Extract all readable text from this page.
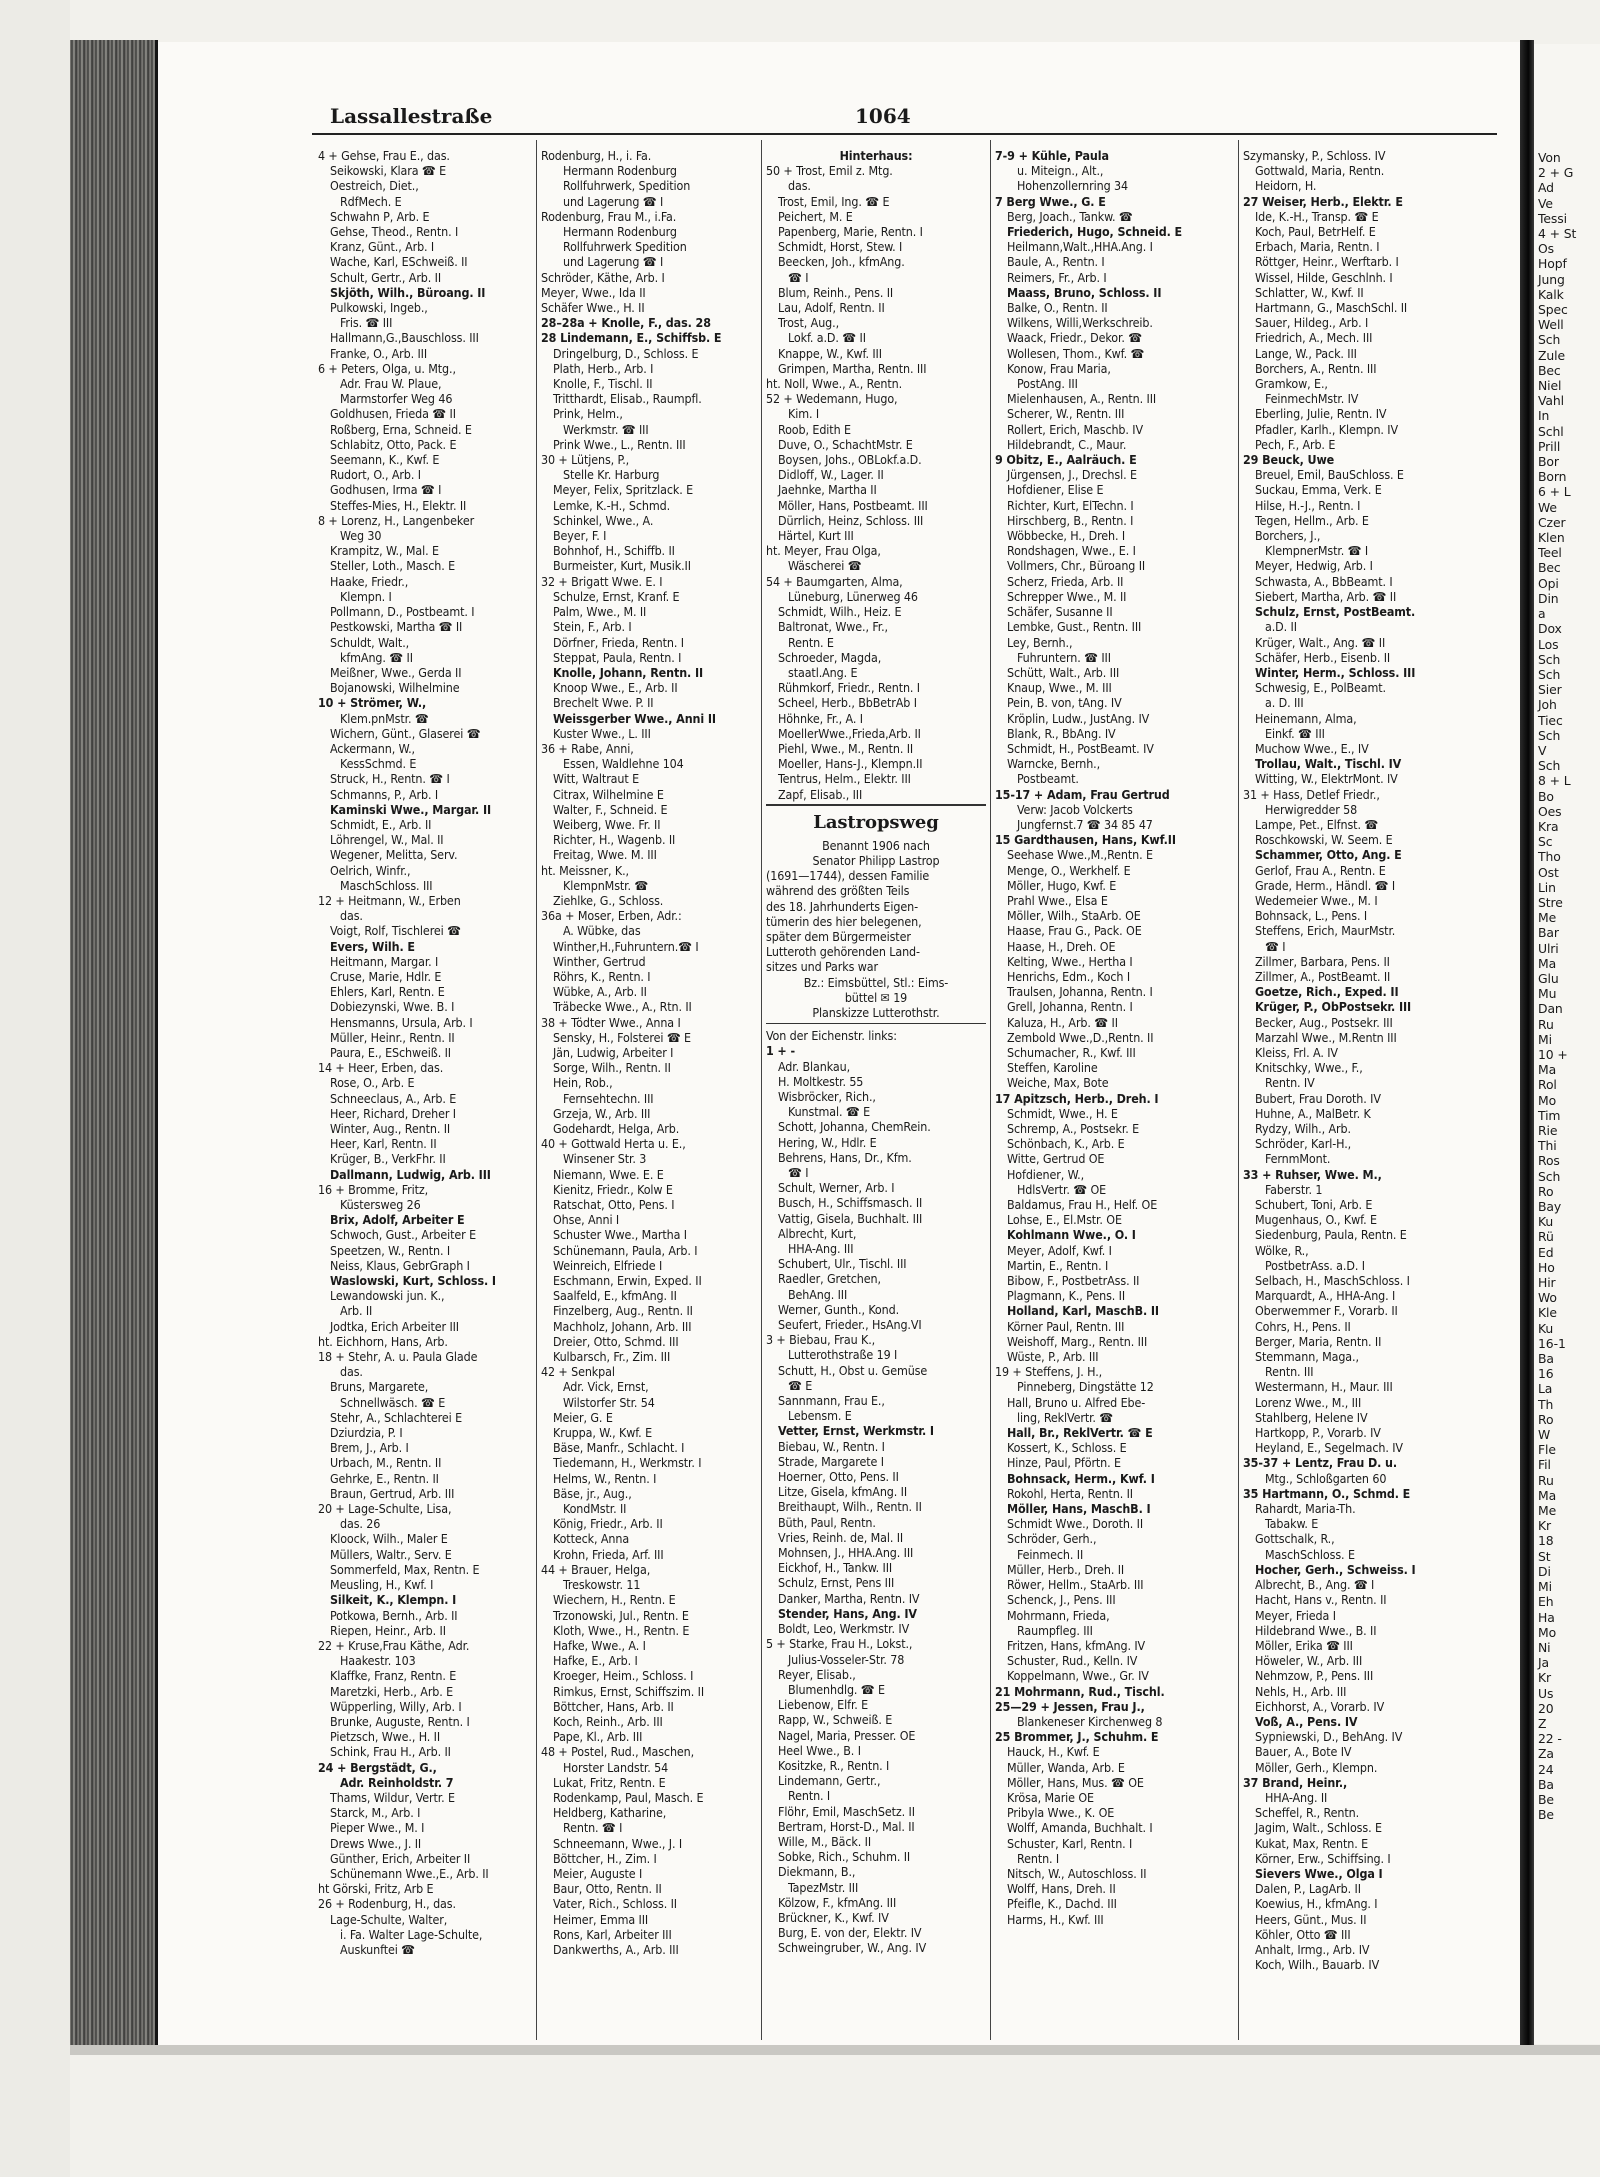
Lassallestraße	1064
4 + Gehse, Frau E., das.
Seikowski, Klara ☎ E
Oestreich, Diet.,
RdfMech. E
Schwahn P, Arb. E
Gehse, Theod., Rentn. I
Kranz, Günt., Arb. I
Wache, Karl, ESchweiß. II
Schult, Gertr., Arb. II
Skjöth, Wilh., Büroang. II
Pulkowski, Ingeb.,
Fris. ☎ III
Hallmann,G.,Bauschloss. III
Franke, O., Arb. III
6 + Peters, Olga, u. Mtg.,
Adr. Frau W. Plaue,
Marmstorfer Weg 46
Goldhusen, Frieda ☎ II
Roßberg, Erna, Schneid. E
Schlabitz, Otto, Pack. E
Seemann, K., Kwf. E
Rudort, O., Arb. I
Godhusen, Irma ☎ I
Steffes-Mies, H., Elektr. II
8 + Lorenz, H., Langenbeker
Weg 30
Krampitz, W., Mal. E
Steller, Loth., Masch. E
Haake, Friedr.,
Klempn. I
Pollmann, D., Postbeamt. I
Pestkowski, Martha ☎ II
Schuldt, Walt.,
kfmAng. ☎ II
Meißner, Wwe., Gerda II
Bojanowski, Wilhelmine
10 + Strömer, W.,
Klem.pnMstr. ☎
Wichern, Günt., Glaserei ☎
Ackermann, W.,
KessSchmd. E
Struck, H., Rentn. ☎ I
Schmanns, P., Arb. I
Kaminski Wwe., Margar. II
Schmidt, E., Arb. II
Löhrengel, W., Mal. II
Wegener, Melitta, Serv.
Oelrich, Winfr.,
MaschSchloss. III
12 + Heitmann, W., Erben
das.
Voigt, Rolf, Tischlerei ☎
Evers, Wilh. E
Heitmann, Margar. I
Cruse, Marie, Hdlr. E
Ehlers, Karl, Rentn. E
Dobiezynski, Wwe. B. I
Hensmanns, Ursula, Arb. I
Müller, Heinr., Rentn. II
Paura, E., ESchweiß. II
14 + Heer, Erben, das.
Rose, O., Arb. E
Schneeclaus, A., Arb. E
Heer, Richard, Dreher I
Winter, Aug., Rentn. II
Heer, Karl, Rentn. II
Krüger, B., VerkFhr. II
Dallmann, Ludwig, Arb. III
16 + Bromme, Fritz,
Küstersweg 26
Brix, Adolf, Arbeiter E
Schwoch, Gust., Arbeiter E
Speetzen, W., Rentn. I
Neiss, Klaus, GebrGraph I
Waslowski, Kurt, Schloss. I
Lewandowski jun. K.,
Arb. II
Jodtka, Erich Arbeiter III
ht. Eichhorn, Hans, Arb.
18 + Stehr, A. u. Paula Glade
das.
Bruns, Margarete,
Schnellwäsch. ☎ E
Stehr, A., Schlachterei E
Dziurdzia, P. I
Brem, J., Arb. I
Urbach, M., Rentn. II
Gehrke, E., Rentn. II
Braun, Gertrud, Arb. III
20 + Lage-Schulte, Lisa,
das. 26
Kloock, Wilh., Maler E
Müllers, Waltr., Serv. E
Sommerfeld, Max, Rentn. E
Meusling, H., Kwf. I
Silkeit, K., Klempn. I
Potkowa, Bernh., Arb. II
Riepen, Heinr., Arb. II
22 + Kruse,Frau Käthe, Adr.
Haakestr. 103
Klaffke, Franz, Rentn. E
Maretzki, Herb., Arb. E
Wüpperling, Willy, Arb. I
Brunke, Auguste, Rentn. I
Pietzsch, Wwe., H. II
Schink, Frau H., Arb. II
24 + Bergstädt, G.,
Adr. Reinholdstr. 7
Thams, Wildur, Vertr. E
Starck, M., Arb. I
Pieper Wwe., M. I
Drews Wwe., J. II
Günther, Erich, Arbeiter II
Schünemann Wwe.,E., Arb. II
ht Görski, Fritz, Arb E
26 + Rodenburg, H., das.
Lage-Schulte, Walter,
i. Fa. Walter Lage-Schulte,
Auskunftei ☎
Rodenburg, H., i. Fa.
Hermann Rodenburg
Rollfuhrwerk, Spedition
und Lagerung ☎ I
Rodenburg, Frau M., i.Fa.
Hermann Rodenburg
Rollfuhrwerk Spedition
und Lagerung ☎ I
Schröder, Käthe, Arb. I
Meyer, Wwe., Ida II
Schäfer Wwe., H. II
28–28a + Knolle, F., das. 28
28 Lindemann, E., Schiffsb. E
Dringelburg, D., Schloss. E
Plath, Herb., Arb. I
Knolle, F., Tischl. II
Tritthardt, Elisab., Raumpfl.
Prink, Helm.,
Werkmstr. ☎ III
Prink Wwe., L., Rentn. III
30 + Lütjens, P.,
Stelle Kr. Harburg
Meyer, Felix, Spritzlack. E
Lemke, K.-H., Schmd.
Schinkel, Wwe., A.
Beyer, F. I
Bohnhof, H., Schiffb. II
Burmeister, Kurt, Musik.II
32 + Brigatt Wwe. E. I
Schulze, Ernst, Kranf. E
Palm, Wwe., M. II
Stein, F., Arb. I
Dörfner, Frieda, Rentn. I
Steppat, Paula, Rentn. I
Knolle, Johann, Rentn. II
Knoop Wwe., E., Arb. II
Brechelt Wwe. P. II
Weissgerber Wwe., Anni II
Kuster Wwe., L. III
36 + Rabe, Anni,
Essen, Waldlehne 104
Witt, Waltraut E
Citrax, Wilhelmine E
Walter, F., Schneid. E
Weiberg, Wwe. Fr. II
Richter, H., Wagenb. II
Freitag, Wwe. M. III
ht. Meissner, K.,
KlempnMstr. ☎
Ziehlke, G., Schloss.
36a + Moser, Erben, Adr.:
A. Wübke, das
Winther,H.,Fuhruntern.☎ I
Winther, Gertrud
Röhrs, K., Rentn. I
Wübke, A., Arb. II
Träbecke Wwe., A., Rtn. II
38 + Tödter Wwe., Anna I
Sensky, H., Folsterei ☎ E
Jän, Ludwig, Arbeiter I
Sorge, Wilh., Rentn. II
Hein, Rob.,
Fernsehtechn. III
Grzeja, W., Arb. III
Godehardt, Helga, Arb.
40 + Gottwald Herta u. E.,
Winsener Str. 3
Niemann, Wwe. E. E
Kienitz, Friedr., Kolw E
Ratschat, Otto, Pens. I
Ohse, Anni I
Schuster Wwe., Martha I
Schünemann, Paula, Arb. I
Weinreich, Elfriede I
Eschmann, Erwin, Exped. II
Saalfeld, E., kfmAng. II
Finzelberg, Aug., Rentn. II
Machholz, Johann, Arb. III
Dreier, Otto, Schmd. III
Kulbarsch, Fr., Zim. III
42 + Senkpal
Adr. Vick, Ernst,
Wilstorfer Str. 54
Meier, G. E
Kruppa, W., Kwf. E
Bäse, Manfr., Schlacht. I
Tiedemann, H., Werkmstr. I
Helms, W., Rentn. I
Bäse, jr., Aug.,
KondMstr. II
König, Friedr., Arb. II
Kotteck, Anna
Krohn, Frieda, Arf. III
44 + Brauer, Helga,
Treskowstr. 11
Wiechern, H., Rentn. E
Trzonowski, Jul., Rentn. E
Kloth, Wwe., H., Rentn. E
Hafke, Wwe., A. I
Hafke, E., Arb. I
Kroeger, Heim., Schloss. I
Rimkus, Ernst, Schiffszim. II
Böttcher, Hans, Arb. II
Koch, Reinh., Arb. III
Pape, Kl., Arb. III
48 + Postel, Rud., Maschen,
Horster Landstr. 54
Lukat, Fritz, Rentn. E
Rodenkamp, Paul, Masch. E
Heldberg, Katharine,
Rentn. ☎ I
Schneemann, Wwe., J. I
Böttcher, H., Zim. I
Meier, Auguste I
Baur, Otto, Rentn. II
Vater, Rich., Schloss. II
Heimer, Emma III
Rons, Karl, Arbeiter III
Dankwerths, A., Arb. III
Hinterhaus:
50 + Trost, Emil z. Mtg.
das.
Trost, Emil, Ing. ☎ E
Peichert, M. E
Papenberg, Marie, Rentn. I
Schmidt, Horst, Stew. I
Beecken, Joh., kfmAng.
☎ I
Blum, Reinh., Pens. II
Lau, Adolf, Rentn. II
Trost, Aug.,
Lokf. a.D. ☎ II
Knappe, W., Kwf. III
Grimpen, Martha, Rentn. III
ht. Noll, Wwe., A., Rentn.
52 + Wedemann, Hugo,
Kim. I
Roob, Edith E
Duve, O., SchachtMstr. E
Boysen, Johs., OBLokf.a.D.
Didloff, W., Lager. II
Jaehnke, Martha II
Möller, Hans, Postbeamt. III
Dürrlich, Heinz, Schloss. III
Härtel, Kurt III
ht. Meyer, Frau Olga,
Wäscherei ☎
54 + Baumgarten, Alma,
Lüneburg, Lünerweg 46
Schmidt, Wilh., Heiz. E
Baltronat, Wwe., Fr.,
Rentn. E
Schroeder, Magda,
staatl.Ang. E
Rühmkorf, Friedr., Rentn. I
Scheel, Herb., BbBetrAb I
Höhnke, Fr., A. I
MoellerWwe.,Frieda,Arb. II
Piehl, Wwe., M., Rentn. II
Moeller, Hans-J., Klempn.II
Tentrus, Helm., Elektr. III
Zapf, Elisab., III
Lastropsweg
Benannt 1906 nach
Senator Philipp Lastrop
(1691—1744), dessen Familie
während des größten Teils
des 18. Jahrhunderts Eigen-
tümerin des hier belegenen,
später dem Bürgermeister
Lutteroth gehörenden Land-
sitzes und Parks war
Bz.: Eimsbüttel, Stl.: Eims-
büttel ✉ 19
Planskizze Lutterothstr.
Von der Eichenstr. links:
1 + -
Adr. Blankau,
H. Moltkestr. 55
Wisbröcker, Rich.,
Kunstmal. ☎ E
Schott, Johanna, ChemRein.
Hering, W., Hdlr. E
Behrens, Hans, Dr., Kfm.
☎ I
Schult, Werner, Arb. I
Busch, H., Schiffsmasch. II
Vattig, Gisela, Buchhalt. III
Albrecht, Kurt,
HHA-Ang. III
Schubert, Ulr., Tischl. III
Raedler, Gretchen,
BehAng. III
Werner, Gunth., Kond.
Seufert, Frieder., HsAng.VI
3 + Biebau, Frau K.,
Lutterothstraße 19 I
Schutt, H., Obst u. Gemüse
☎ E
Sannmann, Frau E.,
Lebensm. E
Vetter, Ernst, Werkmstr. I
Biebau, W., Rentn. I
Strade, Margarete I
Hoerner, Otto, Pens. II
Litze, Gisela, kfmAng. II
Breithaupt, Wilh., Rentn. II
Büth, Paul, Rentn.
Vries, Reinh. de, Mal. II
Mohnsen, J., HHA.Ang. III
Eickhof, H., Tankw. III
Schulz, Ernst, Pens III
Danker, Martha, Rentn. IV
Stender, Hans, Ang. IV
Boldt, Leo, Werkmstr. IV
5 + Starke, Frau H., Lokst.,
Julius-Vosseler-Str. 78
Reyer, Elisab.,
Blumenhdlg. ☎ E
Liebenow, Elfr. E
Rapp, W., Schweiß. E
Nagel, Maria, Presser. OE
Heel Wwe., B. I
Kositzke, R., Rentn. I
Lindemann, Gertr.,
Rentn. I
Flöhr, Emil, MaschSetz. II
Bertram, Horst-D., Mal. II
Wille, M., Bäck. II
Sobke, Rich., Schuhm. II
Diekmann, B.,
TapezMstr. III
Kölzow, F., kfmAng. III
Brückner, K., Kwf. IV
Burg, E. von der, Elektr. IV
Schweingruber, W., Ang. IV
7-9 + Kühle, Paula
u. Miteign., Alt.,
Hohenzollernring 34
7 Berg Wwe., G. E
Berg, Joach., Tankw. ☎
Friederich, Hugo, Schneid. E
Heilmann,Walt.,HHA.Ang. I
Baule, A., Rentn. I
Reimers, Fr., Arb. I
Maass, Bruno, Schloss. II
Balke, O., Rentn. II
Wilkens, Willi,Werkschreib.
Waack, Friedr., Dekor. ☎
Wollesen, Thom., Kwf. ☎
Konow, Frau Maria,
PostAng. III
Mielenhausen, A., Rentn. III
Scherer, W., Rentn. III
Rollert, Erich, Maschb. IV
Hildebrandt, C., Maur.
9 Obitz, E., Aalräuch. E
Jürgensen, J., Drechsl. E
Hofdiener, Elise E
Richter, Kurt, ElTechn. I
Hirschberg, B., Rentn. I
Wöbbecke, H., Dreh. I
Rondshagen, Wwe., E. I
Vollmers, Chr., Büroang II
Scherz, Frieda, Arb. II
Schrepper Wwe., M. II
Schäfer, Susanne II
Lembke, Gust., Rentn. III
Ley, Bernh.,
Fuhruntern. ☎ III
Schütt, Walt., Arb. III
Knaup, Wwe., M. III
Pein, B. von, tAng. IV
Kröplin, Ludw., JustAng. IV
Blank, R., BbAng. IV
Schmidt, H., PostBeamt. IV
Warncke, Bernh.,
Postbeamt.
15-17 + Adam, Frau Gertrud
Verw: Jacob Volckerts
Jungfernst.7 ☎ 34 85 47
15 Gardthausen, Hans, Kwf.II
Seehase Wwe.,M.,Rentn. E
Menge, O., Werkhelf. E
Möller, Hugo, Kwf. E
Prahl Wwe., Elsa E
Möller, Wilh., StaArb. OE
Haase, Frau G., Pack. OE
Haase, H., Dreh. OE
Kelting, Wwe., Hertha I
Henrichs, Edm., Koch I
Traulsen, Johanna, Rentn. I
Grell, Johanna, Rentn. I
Kaluza, H., Arb. ☎ II
Zembold Wwe.,D.,Rentn. II
Schumacher, R., Kwf. III
Steffen, Karoline
Weiche, Max, Bote
17 Apitzsch, Herb., Dreh. I
Schmidt, Wwe., H. E
Schremp, A., Postsekr. E
Schönbach, K., Arb. E
Witte, Gertrud OE
Hofdiener, W.,
HdlsVertr. ☎ OE
Baldamus, Frau H., Helf. OE
Lohse, E., El.Mstr. OE
Kohlmann Wwe., O. I
Meyer, Adolf, Kwf. I
Martin, E., Rentn. I
Bibow, F., PostbetrAss. II
Plagmann, K., Pens. II
Holland, Karl, MaschB. II
Körner Paul, Rentn. III
Weishoff, Marg., Rentn. III
Wüste, P., Arb. III
19 + Steffens, J. H.,
Pinneberg, Dingstätte 12
Hall, Bruno u. Alfred Ebe-
ling, ReklVertr. ☎
Hall, Br., ReklVertr. ☎ E
Kossert, K., Schloss. E
Hinze, Paul, Pförtn. E
Bohnsack, Herm., Kwf. I
Rokohl, Herta, Rentn. II
Möller, Hans, MaschB. I
Schmidt Wwe., Doroth. II
Schröder, Gerh.,
Feinmech. II
Müller, Herb., Dreh. II
Röwer, Hellm., StaArb. III
Schenck, J., Pens. III
Mohrmann, Frieda,
Raumpfleg. III
Fritzen, Hans, kfmAng. IV
Schuster, Rud., Kelln. IV
Koppelmann, Wwe., Gr. IV
21 Mohrmann, Rud., Tischl.
25—29 + Jessen, Frau J.,
Blankeneser Kirchenweg 8
25 Brommer, J., Schuhm. E
Hauck, H., Kwf. E
Müller, Wanda, Arb. E
Möller, Hans, Mus. ☎ OE
Krösa, Marie OE
Pribyla Wwe., K. OE
Wolff, Amanda, Buchhalt. I
Schuster, Karl, Rentn. I
Rentn. I
Nitsch, W., Autoschloss. II
Wolff, Hans, Dreh. II
Pfeifle, K., Dachd. III
Harms, H., Kwf. III
Szymansky, P., Schloss. IV
Gottwald, Maria, Rentn.
Heidorn, H.
27 Weiser, Herb., Elektr. E
Ide, K.-H., Transp. ☎ E
Koch, Paul, BetrHelf. E
Erbach, Maria, Rentn. I
Röttger, Heinr., Werftarb. I
Wissel, Hilde, Geschlnh. I
Schlatter, W., Kwf. II
Hartmann, G., MaschSchl. II
Sauer, Hildeg., Arb. I
Friedrich, A., Mech. III
Lange, W., Pack. III
Borchers, A., Rentn. III
Gramkow, E.,
FeinmechMstr. IV
Eberling, Julie, Rentn. IV
Pfadler, Karlh., Klempn. IV
Pech, F., Arb. E
29 Beuck, Uwe
Breuel, Emil, BauSchloss. E
Suckau, Emma, Verk. E
Hilse, H.-J., Rentn. I
Tegen, Hellm., Arb. E
Borchers, J.,
KlempnerMstr. ☎ I
Meyer, Hedwig, Arb. I
Schwasta, A., BbBeamt. I
Siebert, Martha, Arb. ☎ II
Schulz, Ernst, PostBeamt.
a.D. II
Krüger, Walt., Ang. ☎ II
Schäfer, Herb., Eisenb. II
Winter, Herm., Schloss. III
Schwesig, E., PolBeamt.
a. D. III
Heinemann, Alma,
Einkf. ☎ III
Muchow Wwe., E., IV
Trollau, Walt., Tischl. IV
Witting, W., ElektrMont. IV
31 + Hass, Detlef Friedr.,
Herwigredder 58
Lampe, Pet., Elfnst. ☎
Roschkowski, W. Seem. E
Schammer, Otto, Ang. E
Gerlof, Frau A., Rentn. E
Grade, Herm., Händl. ☎ I
Wedemeier Wwe., M. I
Bohnsack, L., Pens. I
Steffens, Erich, MaurMstr.
☎ I
Zillmer, Barbara, Pens. II
Zillmer, A., PostBeamt. II
Goetze, Rich., Exped. II
Krüger, P., ObPostsekr. III
Becker, Aug., Postsekr. III
Marzahl Wwe., M.Rentn III
Kleiss, Frl. A. IV
Knitschky, Wwe., F.,
Rentn. IV
Bubert, Frau Doroth. IV
Huhne, A., MalBetr. K
Rydzy, Wilh., Arb.
Schröder, Karl-H.,
FernmMont.
33 + Ruhser, Wwe. M.,
Faberstr. 1
Schubert, Toni, Arb. E
Mugenhaus, O., Kwf. E
Siedenburg, Paula, Rentn. E
Wölke, R.,
PostbetrAss. a.D. I
Selbach, H., MaschSchloss. I
Marquardt, A., HHA-Ang. I
Oberwemmer F., Vorarb. II
Cohrs, H., Pens. II
Berger, Maria, Rentn. II
Stemmann, Maga.,
Rentn. III
Westermann, H., Maur. III
Lorenz Wwe., M., III
Stahlberg, Helene IV
Hartkopp, P., Vorarb. IV
Heyland, E., Segelmach. IV
35-37 + Lentz, Frau D. u.
Mtg., Schloßgarten 60
35 Hartmann, O., Schmd. E
Rahardt, Maria-Th.
Tabakw. E
Gottschalk, R.,
MaschSchloss. E
Hocher, Gerh., Schweiss. I
Albrecht, B., Ang. ☎ I
Hacht, Hans v., Rentn. II
Meyer, Frieda I
Hildebrand Wwe., B. II
Möller, Erika ☎ III
Höweler, W., Arb. III
Nehmzow, P., Pens. III
Nehls, H., Arb. III
Eichhorst, A., Vorarb. IV
Voß, A., Pens. IV
Sypniewski, D., BehAng. IV
Bauer, A., Bote IV
Möller, Gerh., Klempn.
37 Brand, Heinr.,
HHA-Ang. II
Scheffel, R., Rentn.
Jagim, Walt., Schloss. E
Kukat, Max, Rentn. E
Körner, Erw., Schiffsing. I
Sievers Wwe., Olga I
Dalen, P., LagArb. II
Koewius, H., kfmAng. I
Heers, Günt., Mus. II
Köhler, Otto ☎ III
Anhalt, Irmg., Arb. IV
Koch, Wilh., Bauarb. IV
Von
2 + G
Ad
Ve
Tessi
4 + St
Os
Hopf
Jung
Kalk
Spec
Well
Sch
Zule
Bec
Niel
Vahl
In
Schl
Prill
Bor
Born
6 + L
We
Czer
Klen
Teel
Bec
Opi
Din
a
Dox
Los
Sch
Sch
Sier
Joh
Tiec
Sch
V
Sch
8 + L
Bo
Oes
Kra
Sc
Tho
Ost
Lin
Stre
Me
Bar
Ulri
Ma
Glu
Mu
Dan
Ru
Mi
10 +
Ma
Rol
Mo
Tim
Rie
Thi
Ros
Sch
Ro
Bay
Ku
Rü
Ed
Ho
Hir
Wo
Kle
Ku
16-1
Ba
16
La
Th
Ro
W
Fle
Fil
Ru
Ma
Me
Kr
18
St
Di
Mi
Eh
Ha
Mo
Ni
Ja
Kr
Us
20
Z
22 -
Za
24
Ba
Be
Be
